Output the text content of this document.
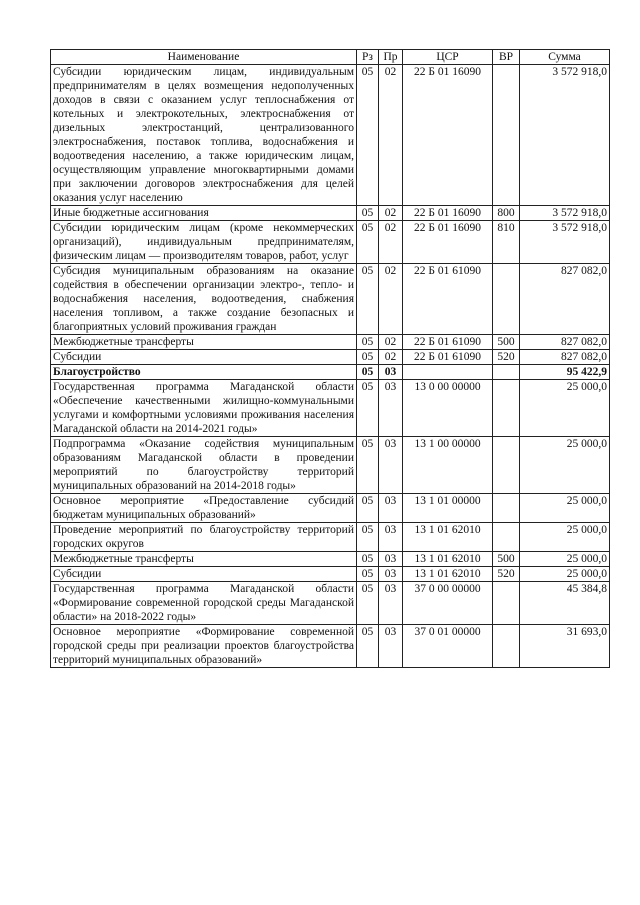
Наименование	Рз	Пр	ЦСР	ВР	Сумма
Субсидии юридическим лицам, индивидуальным предпринимателям в целях возмещения недополученных доходов в связи с оказанием услуг теплоснабжения от котельных и электрокотельных, электроснабжения от дизельных электростанций, централизованного электроснабжения, поставок топлива, водоснабжения и водоотведения населению, а также юридическим лицам, осуществляющим управление многоквартирными домами при заключении договоров электроснабжения для целей оказания услуг населению	05	02	22 Б 01 16090		3 572 918,0
Иные бюджетные ассигнования	05	02	22 Б 01 16090	800	3 572 918,0
Субсидии юридическим лицам (кроме некоммерческих организаций), индивидуальным предпринимателям, физическим лицам — производителям товаров, работ, услуг	05	02	22 Б 01 16090	810	3 572 918,0
Субсидия муниципальным образованиям на оказание содействия в обеспечении организации электро-, тепло- и водоснабжения населения, водоотведения, снабжения населения топливом, а также создание безопасных и благоприятных условий проживания граждан	05	02	22 Б 01 61090		827 082,0
Межбюджетные трансферты	05	02	22 Б 01 61090	500	827 082,0
Субсидии	05	02	22 Б 01 61090	520	827 082,0
Благоустройство	05	03			95 422,9
Государственная программа Магаданской области «Обеспечение качественными жилищно-коммунальными услугами и комфортными условиями проживания населения Магаданской области на 2014-2021 годы»	05	03	13 0 00 00000		25 000,0
Подпрограмма «Оказание содействия муниципальным образованиям Магаданской области в проведении мероприятий по благоустройству территорий муниципальных образований на 2014-2018 годы»	05	03	13 1 00 00000		25 000,0
Основное мероприятие «Предоставление субсидий бюджетам муниципальных образований»	05	03	13 1 01 00000		25 000,0
Проведение мероприятий по благоустройству территорий городских округов	05	03	13 1 01 62010		25 000,0
Межбюджетные трансферты	05	03	13 1 01 62010	500	25 000,0
Субсидии	05	03	13 1 01 62010	520	25 000,0
Государственная программа Магаданской области «Формирование современной городской среды Магаданской области» на 2018-2022 годы»	05	03	37 0 00 00000		45 384,8
Основное мероприятие «Формирование современной городской среды при реализации проектов благоустройства территорий муниципальных образований»	05	03	37 0 01 00000		31 693,0
